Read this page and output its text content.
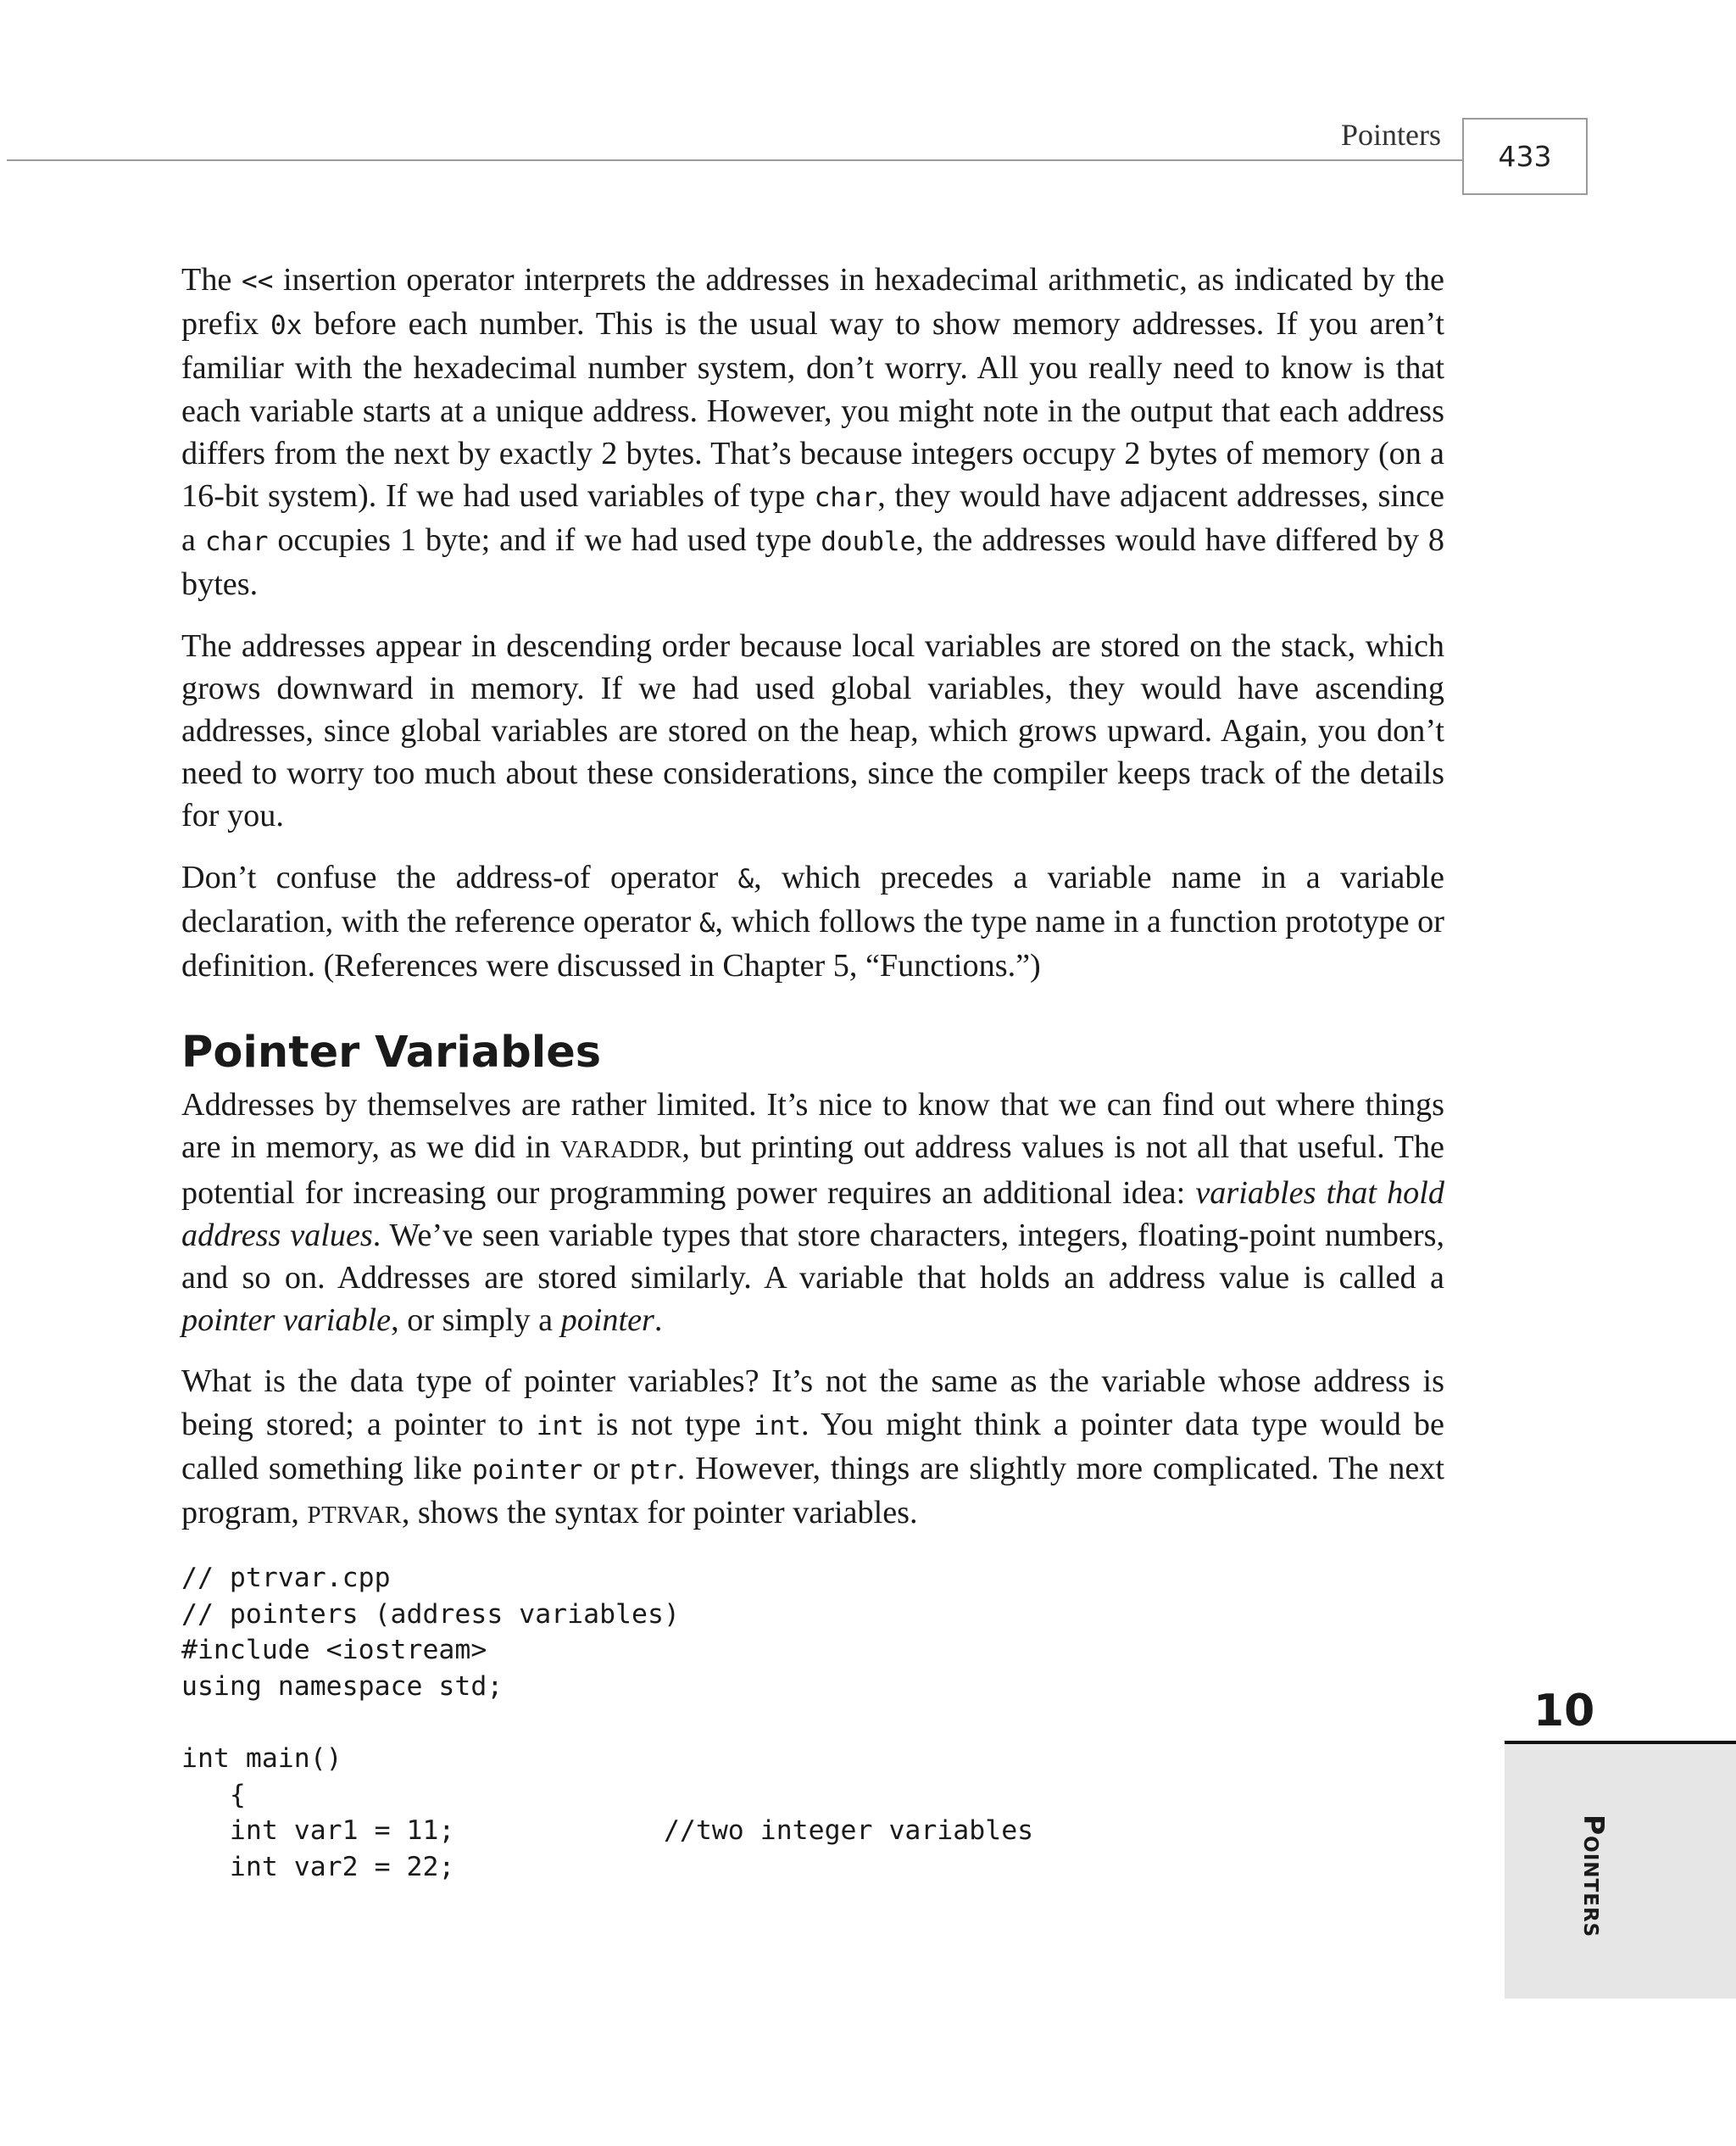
Pointers
433

The << insertion operator interprets the addresses in hexadecimal arithmetic, as indicated by the prefix 0x before each number. This is the usual way to show memory addresses. If you aren’t familiar with the hexadecimal number system, don’t worry. All you really need to know is that each variable starts at a unique address. However, you might note in the output that each address differs from the next by exactly 2 bytes. That’s because integers occupy 2 bytes of memory (on a 16-bit system). If we had used variables of type char, they would have adjacent addresses, since a char occupies 1 byte; and if we had used type double, the addresses would have differed by 8 bytes.

The addresses appear in descending order because local variables are stored on the stack, which grows downward in memory. If we had used global variables, they would have ascending addresses, since global variables are stored on the heap, which grows upward. Again, you don’t need to worry too much about these considerations, since the compiler keeps track of the details for you.

Don’t confuse the address-of operator &, which precedes a variable name in a variable declaration, with the reference operator &, which follows the type name in a function prototype or definition. (References were discussed in Chapter 5, “Functions.”)

Pointer Variables

Addresses by themselves are rather limited. It’s nice to know that we can find out where things are in memory, as we did in VARADDR, but printing out address values is not all that useful. The potential for increasing our programming power requires an additional idea: variables that hold address values. We’ve seen variable types that store characters, integers, floating-point numbers, and so on. Addresses are stored similarly. A variable that holds an address value is called a pointer variable, or simply a pointer.

What is the data type of pointer variables? It’s not the same as the variable whose address is being stored; a pointer to int is not type int. You might think a pointer data type would be called something like pointer or ptr. However, things are slightly more complicated. The next program, PTRVAR, shows the syntax for pointer variables.

// ptrvar.cpp
// pointers (address variables)
#include <iostream>
using namespace std;

int main()
{
int var1 = 11;             //two integer variables
int var2 = 22;
10
Pointers
